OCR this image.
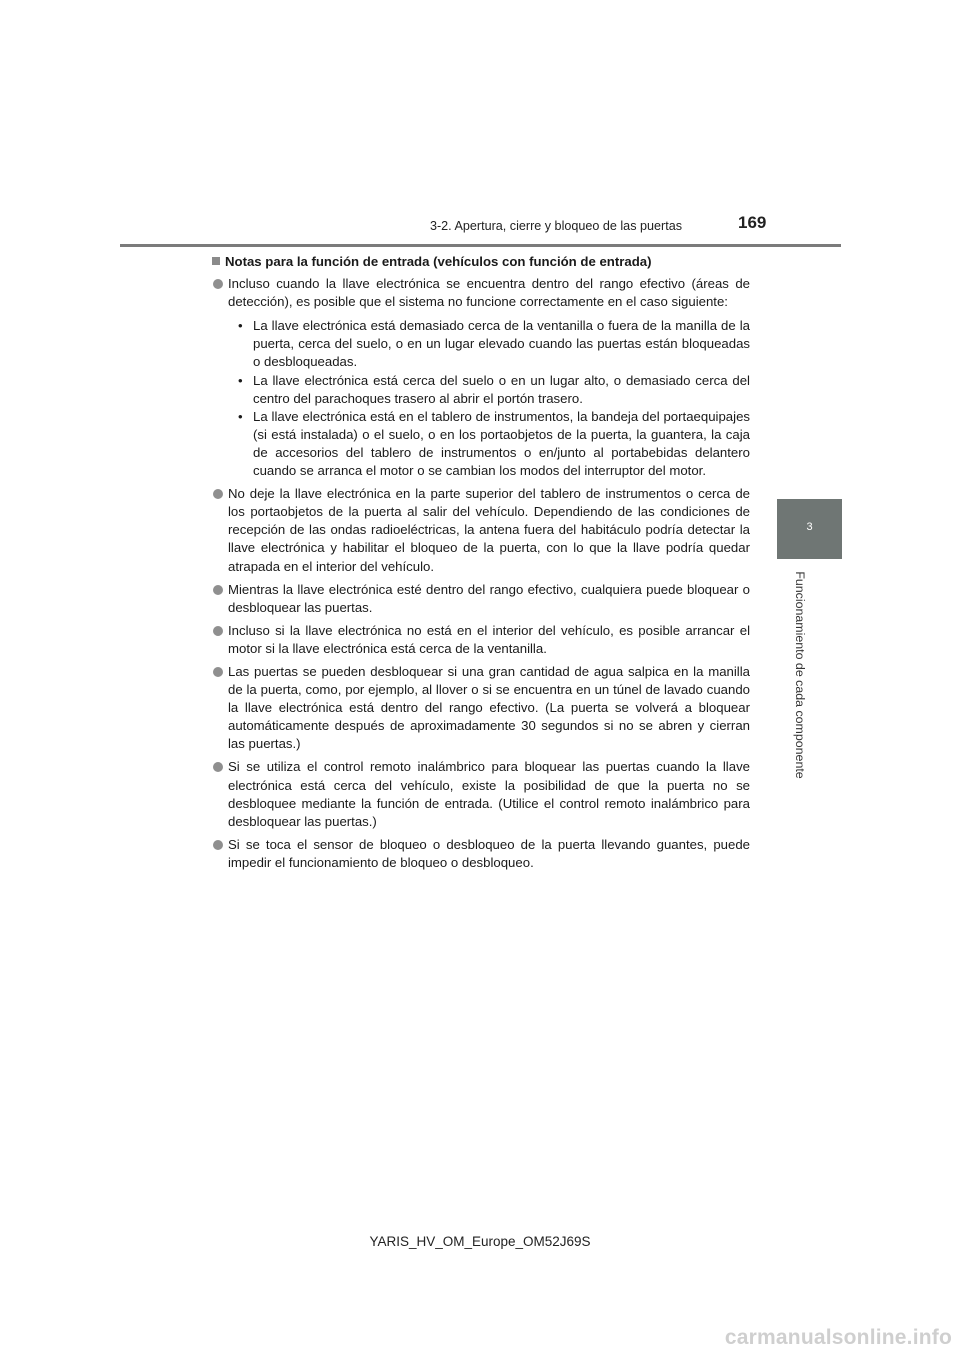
3-2. Apertura, cierre y bloqueo de las puertas	169
3
Funcionamiento de cada componente
Notas para la función de entrada (vehículos con función de entrada)
Incluso cuando la llave electrónica se encuentra dentro del rango efectivo (áreas de detección), es posible que el sistema no funcione correctamente en el caso siguiente:
• La llave electrónica está demasiado cerca de la ventanilla o fuera de la manilla de la puerta, cerca del suelo, o en un lugar elevado cuando las puertas están bloqueadas o desbloqueadas.
• La llave electrónica está cerca del suelo o en un lugar alto, o demasiado cerca del centro del parachoques trasero al abrir el portón trasero.
• La llave electrónica está en el tablero de instrumentos, la bandeja del portaequipajes (si está instalada) o el suelo, o en los portaobjetos de la puerta, la guantera, la caja de accesorios del tablero de instrumentos o en/junto al portabebidas delantero cuando se arranca el motor o se cambian los modos del interruptor del motor.
No deje la llave electrónica en la parte superior del tablero de instrumentos o cerca de los portaobjetos de la puerta al salir del vehículo. Dependiendo de las condiciones de recepción de las ondas radioeléctricas, la antena fuera del habitáculo podría detectar la llave electrónica y habilitar el bloqueo de la puerta, con lo que la llave podría quedar atrapada en el interior del vehículo.
Mientras la llave electrónica esté dentro del rango efectivo, cualquiera puede bloquear o desbloquear las puertas.
Incluso si la llave electrónica no está en el interior del vehículo, es posible arrancar el motor si la llave electrónica está cerca de la ventanilla.
Las puertas se pueden desbloquear si una gran cantidad de agua salpica en la manilla de la puerta, como, por ejemplo, al llover o si se encuentra en un túnel de lavado cuando la llave electrónica está dentro del rango efectivo. (La puerta se volverá a bloquear automáticamente después de aproximadamente 30 segundos si no se abren y cierran las puertas.)
Si se utiliza el control remoto inalámbrico para bloquear las puertas cuando la llave electrónica está cerca del vehículo, existe la posibilidad de que la puerta no se desbloquee mediante la función de entrada. (Utilice el control remoto inalámbrico para desbloquear las puertas.)
Si se toca el sensor de bloqueo o desbloqueo de la puerta llevando guantes, puede impedir el funcionamiento de bloqueo o desbloqueo.
YARIS_HV_OM_Europe_OM52J69S
carmanualsonline.info
